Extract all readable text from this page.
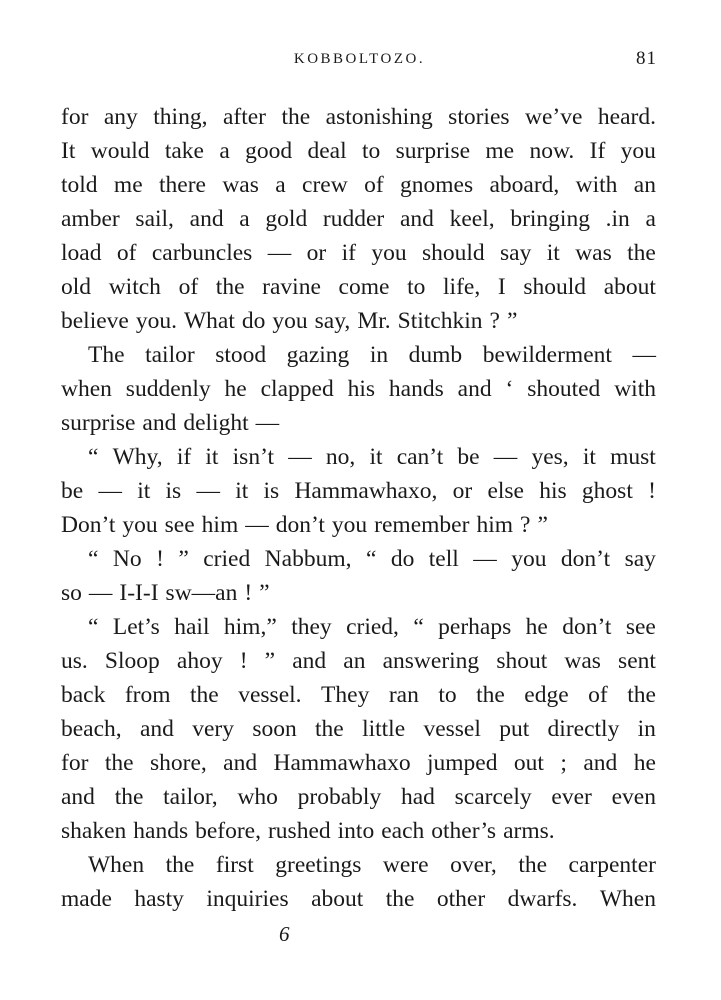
KOBBOLTOZO.	81
for any thing, after the astonishing stories we’ve heard.
It would take a good deal to surprise me now. If you
told me there was a crew of gnomes aboard, with an
amber sail, and a gold rudder and keel, bringing .in a
load of carbuncles — or if you should say it was the
old witch of the ravine come to life, I should about
believe you. What do you say, Mr. Stitchkin ? ”
The tailor stood gazing in dumb bewilderment —
when suddenly he clapped his hands and ʻ shouted with
surprise and delight —
“ Why, if it isn’t — no, it can’t be — yes, it must
be — it is — it is Hammawhaxo, or else his ghost !
Don’t you see him — don’t you remember him ? ”
“ No ! ” cried Nabbum, “ do tell — you don’t say
so — I-I-I sw—an ! ”
“ Let’s hail him,” they cried, “ perhaps he don’t see
us. Sloop ahoy ! ” and an answering shout was sent
back from the vessel. They ran to the edge of the
beach, and very soon the little vessel put directly in
for the shore, and Hammawhaxo jumped out ; and he
and the tailor, who probably had scarcely ever even
shaken hands before, rushed into each other’s arms.
When the first greetings were over, the carpenter
made hasty inquiries about the other dwarfs. When
6
